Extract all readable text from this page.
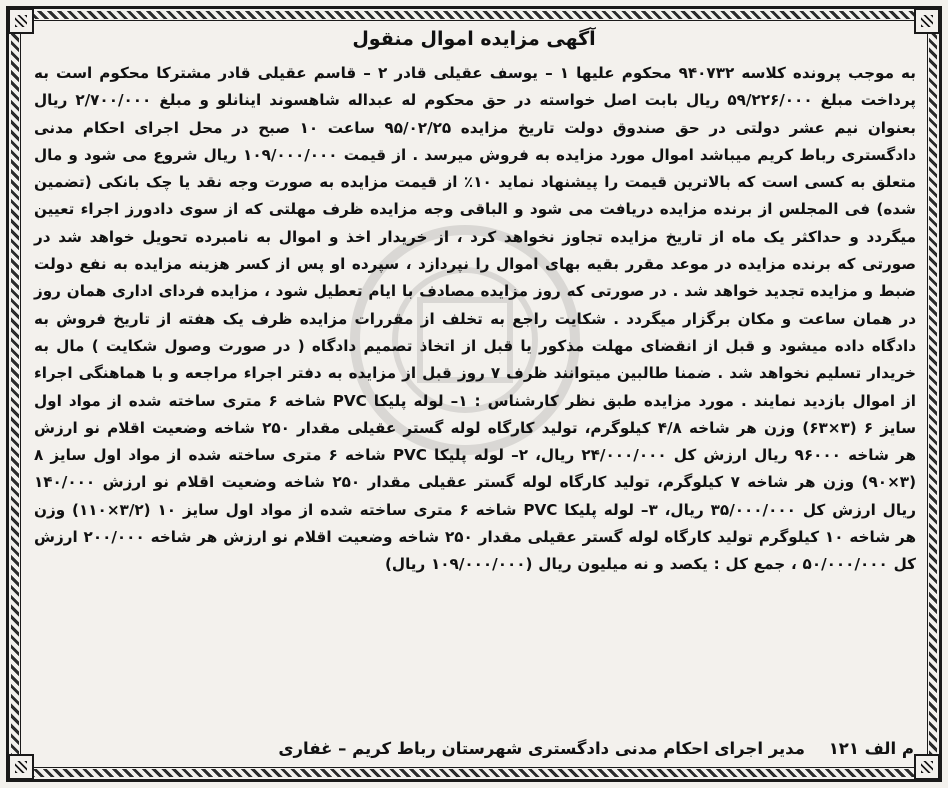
آگهی مزایده اموال منقول
به موجب پرونده کلاسه ۹۴۰۷۳۲ محکوم علیها ۱ – یوسف عقیلی قادر ۲ – قاسم عقیلی قادر مشترکا محکوم است به پرداخت مبلغ ۵۹/۲۲۶/۰۰۰ ریال بابت اصل خواسته در حق محکوم له عبداله شاهسوند اینانلو و مبلغ ۲/۷۰۰/۰۰۰ ریال بعنوان نیم عشر دولتی در حق صندوق دولت تاریخ مزایده ۹۵/۰۲/۲۵ ساعت ۱۰ صبح در محل اجرای احکام مدنی دادگستری رباط کریم میباشد اموال مورد مزایده به فروش میرسد . از قیمت ۱۰۹/۰۰۰/۰۰۰ ریال شروع می شود و مال متعلق به کسی است که بالاترین قیمت را پیشنهاد نماید ۱۰٪ از قیمت مزایده به صورت وجه نقد یا چک بانکی (تضمین شده) فی المجلس از برنده مزایده دریافت می شود و الباقی وجه مزایده ظرف مهلتی که از سوی دادورز اجراء تعیین میگردد و حداکثر یک ماه از تاریخ مزایده تجاوز نخواهد کرد ، از خریدار اخذ و اموال به نامبرده تحویل خواهد شد در صورتی که برنده مزایده در موعد مقرر بقیه بهای اموال را نپردازد ، سپرده او پس از کسر هزینه مزایده به نفع دولت ضبط و مزایده تجدید خواهد شد . در صورتی که روز مزایده مصادف با ایام تعطیل شود ، مزایده فردای اداری همان روز در همان ساعت و مکان برگزار میگردد . شکایت راجع به تخلف از مقررات مزایده ظرف یک هفته از تاریخ فروش به دادگاه داده میشود و قبل از انقضای مهلت مذکور یا قبل از اتخاذ تصمیم دادگاه ( در صورت وصول شکایت ) مال به خریدار تسلیم نخواهد شد . ضمنا طالبین میتوانند ظرف ۷ روز قبل از مزایده به دفتر اجراء مراجعه و با هماهنگی اجراء از اموال بازدید نمایند . مورد مزایده طبق نظر کارشناس : ۱– لوله پلیکا PVC شاخه ۶ متری ساخته شده از مواد اول سایز ۶ (۳×۶۳) وزن هر شاخه ۴/۸ کیلوگرم، تولید کارگاه لوله گستر عقیلی مقدار ۲۵۰ شاخه وضعیت اقلام نو ارزش هر شاخه ۹۶۰۰۰ ریال ارزش کل ۲۴/۰۰۰/۰۰۰ ریال، ۲– لوله پلیکا PVC شاخه ۶ متری ساخته شده از مواد اول سایز ۸ (۳×۹۰) وزن هر شاخه ۷ کیلوگرم، تولید کارگاه لوله گستر عقیلی مقدار ۲۵۰ شاخه وضعیت اقلام نو ارزش ۱۴۰/۰۰۰ ریال ارزش کل ۳۵/۰۰۰/۰۰۰ ریال، ۳– لوله پلیکا PVC شاخه ۶ متری ساخته شده از مواد اول سایز ۱۰ (۳/۲×۱۱۰) وزن هر شاخه ۱۰ کیلوگرم تولید کارگاه لوله گستر عقیلی مقدار ۲۵۰ شاخه وضعیت اقلام نو ارزش هر شاخه ۲۰۰/۰۰۰ ارزش کل ۵۰/۰۰۰/۰۰۰ ، جمع کل : یکصد و نه میلیون ریال (۱۰۹/۰۰۰/۰۰۰ ریال)
م الف ۱۲۱ مدیر اجرای احکام مدنی دادگستری شهرستان رباط کریم – غفاری
